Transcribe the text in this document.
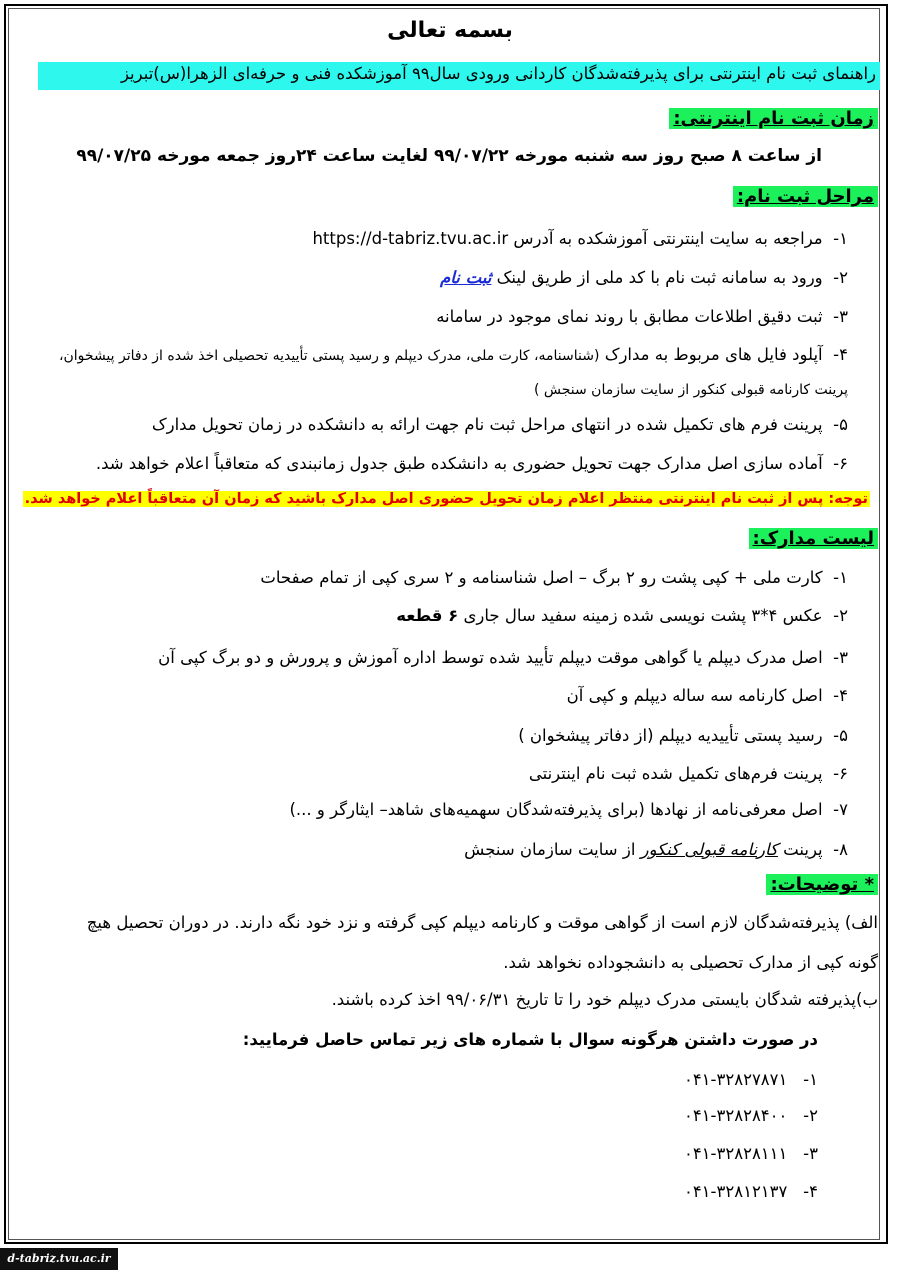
بسمه تعالی
راهنمای ثبت نام اینترنتی برای پذیرفته‌شدگان کاردانی ورودی سال۹۹ آموزشکده فنی و حرفه‌ای الزهرا(س)تبریز
زمان ثبت نام اینترنتی:
از ساعت ۸ صبح روز سه شنبه مورخه ۹۹/۰۷/۲۲ لغایت ساعت ۲۴روز جمعه مورخه ۹۹/۰۷/۲۵
مراحل ثبت نام:
۱-  مراجعه به سایت اینترنتی آموزشکده به آدرس https://d-tabriz.tvu.ac.ir
۲-  ورود به سامانه ثبت نام با کد ملی از طریق لینک ثبت نام
۳-  ثبت دقیق اطلاعات مطابق با روند نمای موجود در سامانه
۴-  آپلود فایل های مربوط به مدارک (شناسنامه، کارت ملی، مدرک دیپلم و رسید پستی تأییدیه تحصیلی اخذ شده از دفاتر پیشخوان،
پرینت کارنامه قبولی کنکور از سایت سازمان سنجش )
۵-  پرینت فرم های تکمیل شده در انتهای مراحل ثبت نام جهت ارائه به دانشکده در زمان تحویل مدارک
۶-  آماده سازی اصل مدارک جهت تحویل حضوری به دانشکده طبق جدول زمانبندی که متعاقباً اعلام خواهد شد.
توجه: پس از ثبت نام اینترنتی منتظر اعلام زمان تحویل حضوری اصل مدارک باشید که زمان آن متعاقباً اعلام خواهد شد.
لیست مدارک:
۱-  کارت ملی + کپی پشت رو ۲ برگ – اصل شناسنامه و ۲ سری کپی از تمام صفحات
۲-  عکس ۴*۳ پشت نویسی شده زمینه سفید سال جاری ۶ قطعه
۳-  اصل مدرک دیپلم یا گواهی موقت دیپلم تأیید شده توسط اداره آموزش و پرورش و دو برگ کپی آن
۴-  اصل کارنامه سه ساله دیپلم و کپی آن
۵-  رسید پستی تأییدیه دیپلم (از دفاتر پیشخوان )
۶-  پرینت فرم‌های تکمیل شده ثبت نام اینترنتی
۷-  اصل معرفی‌نامه از نهادها (برای پذیرفته‌شدگان سهمیه‌های شاهد– ایثارگر و ...)
۸-  پرینت کارنامه قبولی کنکور از سایت سازمان سنجش
* توضیحات:
الف) پذیرفته‌شدگان لازم است از گواهی موقت و کارنامه دیپلم کپی گرفته و نزد خود نگه دارند. در دوران تحصیل هیچ
گونه کپی از مدارک تحصیلی به دانشجوداده نخواهد شد.
ب)پذیرفته شدگان بایستی مدرک دیپلم خود را تا تاریخ ۹۹/۰۶/۳۱ اخذ کرده باشند.
در صورت داشتن هرگونه سوال با شماره های زیر تماس حاصل فرمایید:
۱-   ۰۴۱-۳۲۸۲۷۸۷۱
۲-   ۰۴۱-۳۲۸۲۸۴۰۰
۳-   ۰۴۱-۳۲۸۲۸۱۱۱
۴-   ۰۴۱-۳۲۸۱۲۱۳۷
d-tabriz.tvu.ac.ir
